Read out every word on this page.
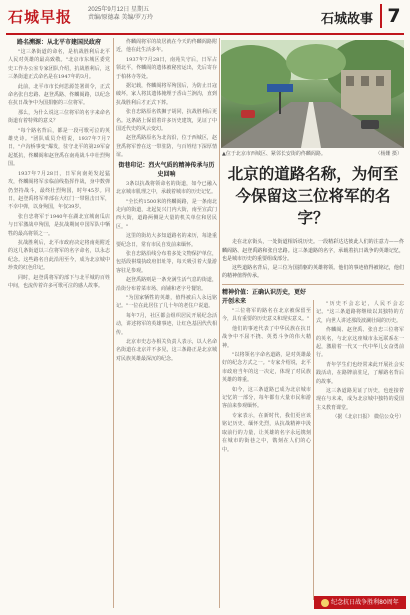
石城早报	2025年9月12日 星期五
责编/原德森 美编/罗万玲	石城故事 7

路名溯源：从北平市建国民政府

"这三条街道的命名，是杭战胜利后北平人民对英雄的最高致敬。"北京市东城区委党史工作办公室专家团队介绍，抗战胜利后，这三条街道正式命名是在1947年的3月。

此前，北平市市长何思源签署训令，正式命名张自忠路、赵登禹路、佟麟阁路，以纪念在抗日战争中为国捐躯的三位将军。

那么，为什么说这三位将军的名字来命名街道有着特殊的意义？

"每个路名背后，都是一段可歌可泣的英雄史诗。"团队成员介绍说，1937年7月7日，"卢沟桥事变"爆发，驻守北平的第29军奋起抵抗，佟麟阁和赵登禹在南苑战斗中壮烈殉国。

1937年7月28日，日军向南苑发起猛攻，佟麟阁将军亲临前线指挥作战，身中数弹仍坚持战斗，最终壮烈殉国，时年45岁。同日，赵登禹将军率部在大红门一带阻击日军，不幸中弹，以身殉国，年仅39岁。

张自忠将军于1940年在湖北宜城南瓜店与日军激战中殉国，是抗战期间中国军队中牺牲的最高将领之一。

抗战胜利后，北平市政府决定将南苑附近的这几条街道以三位将军的名字命名，以永志纪念。这些路名自此沿用至今，成为北京城中珍贵的红色印记。

同时，赵登禹将军的部下与北平城的百姓中间，也流传着许多可歌可泣的感人故事。

佟麟阁将军的故居就在今天的佟麟阁路附近，他在此生活多年。

1937年7月28日，南苑失守后，日军占领北平，佟麟阁的遗体被秘密运出，先后寄存于柏林寺等处。

据记载，佟麟阁将军殉国后，为防止日寇破坏，家人将其遗体掩埋于香山兰涧沟，直到抗战胜利后才正式下葬。

张自忠路原名铁狮子胡同，抗战胜利后更名。这条路上保留着许多历史建筑，见证了中国近代史的风云变幻。

赵登禹路原名为北沟沿，位于西城区，赵登禹将军曾在这一带驻防，与百姓结下深厚情谊。

街巷印记：烈火气质的精神传承与历史回响

3条以抗战将领命名的街道，如今已融入北京城市肌理之中，承载着城市的历史记忆。

"全长约1500米的佟麟阁路，是一条南北走向的街道，北起复兴门内大街，南至宣武门西大街，道路两侧是大量的机关单位和居民区。"

这里的街坊大多知道路名的来历，每逢重要纪念日，常有市民自发前来缅怀。

张自忠路沿线分布着多处文物保护单位，包括段祺瑞执政府旧址等，每天吸引着大量游客驻足参观。

赵登禹路则是一条充满生活气息的街道，沿街分布着菜市场、商铺和老字号餐馆。

"为国家牺牲的英雄，值得被后人永远铭记。"一位在此居住了几十年的老住户说道。

每年7月，社区都会组织居民开展纪念活动，讲述将军的英雄事迹，让红色基因代代相传。

北京市史志办相关负责人表示，以人名命名街道在北京并不多见，这三条路正是北京城对民族英雄最深沉的纪念。

▲位于北京市西城区、紧邻长安街的佟麟阁路。	（杨姗 摄）
北京的道路名称，为何至今保留这三位将军的名字？

走在北京街头，一处街道相诉说历史。一段精彩达达彼此人们的注意力——佟麟阁路、赵登禹路和张自忠路。这三条道路的名字，承载着抗日战争的英雄记忆，也是城市历史的重要组成部分。

这些道路名背后，是三位为国捐躯的英雄将领。他们的事迹值得被铭记，他们的精神值得传承。

精神价值：正确认识历史，更好开创未来

"三位将军的路名在北京被保留至今，具有重要的历史意义和现实意义。"

他们的事迹代表了中华民族在抗日战争中不屈不挠、英勇斗争的伟大精神。

"以将领名字命名道路，是对英雄最好的纪念方式之一。"专家介绍说，北平市政府当年的这一决定，体现了对民族英雄的尊重。

如今，这三条道路已成为北京城市记忆的一部分，每年都有大量市民和游客前来参观缅怀。

专家表示，在新时代，我们更应该铭记历史、缅怀先烈，从抗战精神中汲取前行的力量，让英雄的名字永远镌刻在城市的街巷之中，镌刻在人们的心中。

"历史不会忘记，人民不会忘记。"这三条道路将继续以其独特的方式，向世人讲述那段波澜壮阔的历史。

佟麟阁、赵登禹、张自忠三位将军的英名，与北京这座城市永远联系在一起，激励着一代又一代中华儿女奋勇前行。

青年学生们也经常来此开展社会实践活动，在路牌前驻足，了解路名背后的故事。

这三条道路见证了历史，也连接着现在与未来，成为北京城中独特的爱国主义教育课堂。

（据《北京日报》 微信公众号）

纪念抗日战争胜利80周年
